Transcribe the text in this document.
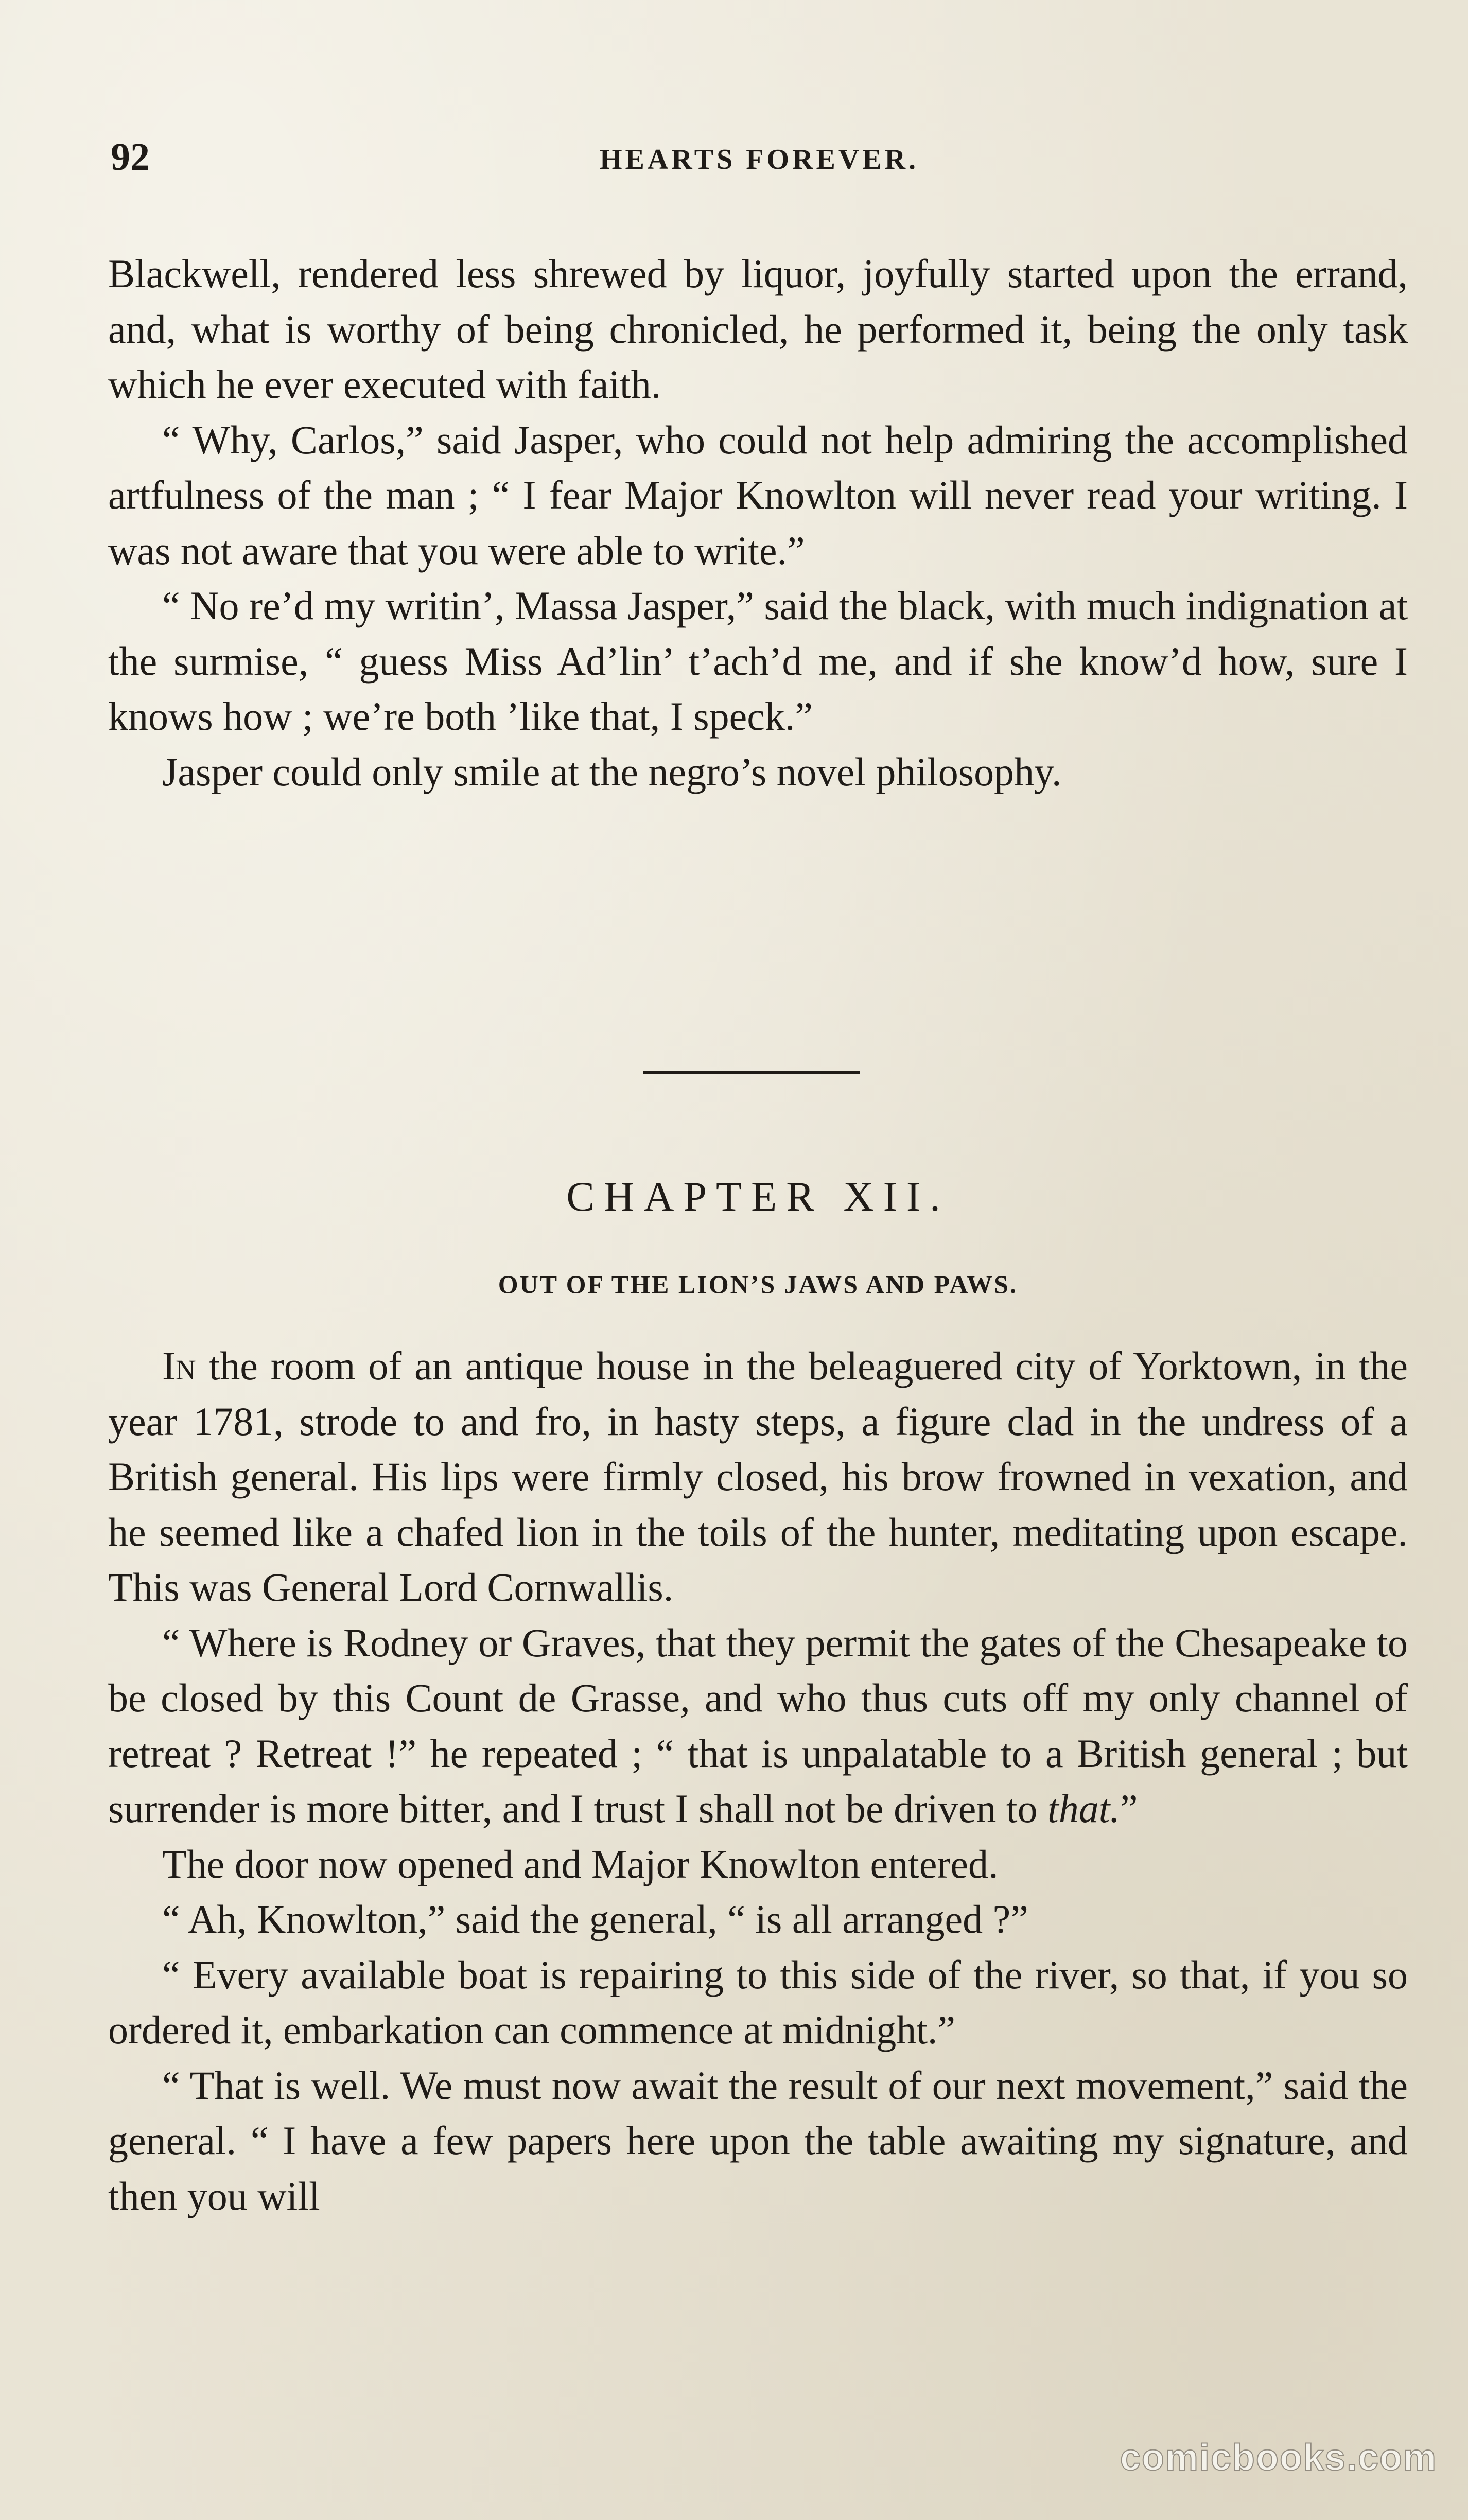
92	HEARTS FOREVER.

Blackwell, rendered less shrewed by liquor, joyfully started upon the errand, and, what is worthy of being chronicled, he performed it, being the only task which he ever executed with faith.

“ Why, Carlos,” said Jasper, who could not help admiring the accomplished artfulness of the man ; “ I fear Major Knowlton will never read your writing. I was not aware that you were able to write.”

“ No re’d my writin’, Massa Jasper,” said the black, with much indignation at the surmise, “ guess Miss Ad’lin’ t’ach’d me, and if she know’d how, sure I knows how ; we’re both ’like that, I speck.”

Jasper could only smile at the negro’s novel philosophy.

CHAPTER XII.
OUT OF THE LION’S JAWS AND PAWS.

In the room of an antique house in the beleaguered city of Yorktown, in the year 1781, strode to and fro, in hasty steps, a figure clad in the undress of a British general. His lips were firmly closed, his brow frowned in vexation, and he seemed like a chafed lion in the toils of the hunter, meditating upon escape. This was General Lord Cornwallis.

“ Where is Rodney or Graves, that they permit the gates of the Chesapeake to be closed by this Count de Grasse, and who thus cuts off my only channel of retreat ? Retreat !” he repeated ; “ that is unpalatable to a British general ; but surrender is more bitter, and I trust I shall not be driven to that.”

The door now opened and Major Knowlton entered.

“ Ah, Knowlton,” said the general, “ is all arranged ?”

“ Every available boat is repairing to this side of the river, so that, if you so ordered it, embarkation can commence at midnight.”

“ That is well. We must now await the result of our next movement,” said the general. “ I have a few papers here upon the table awaiting my signature, and then you will

comicbooks.com
